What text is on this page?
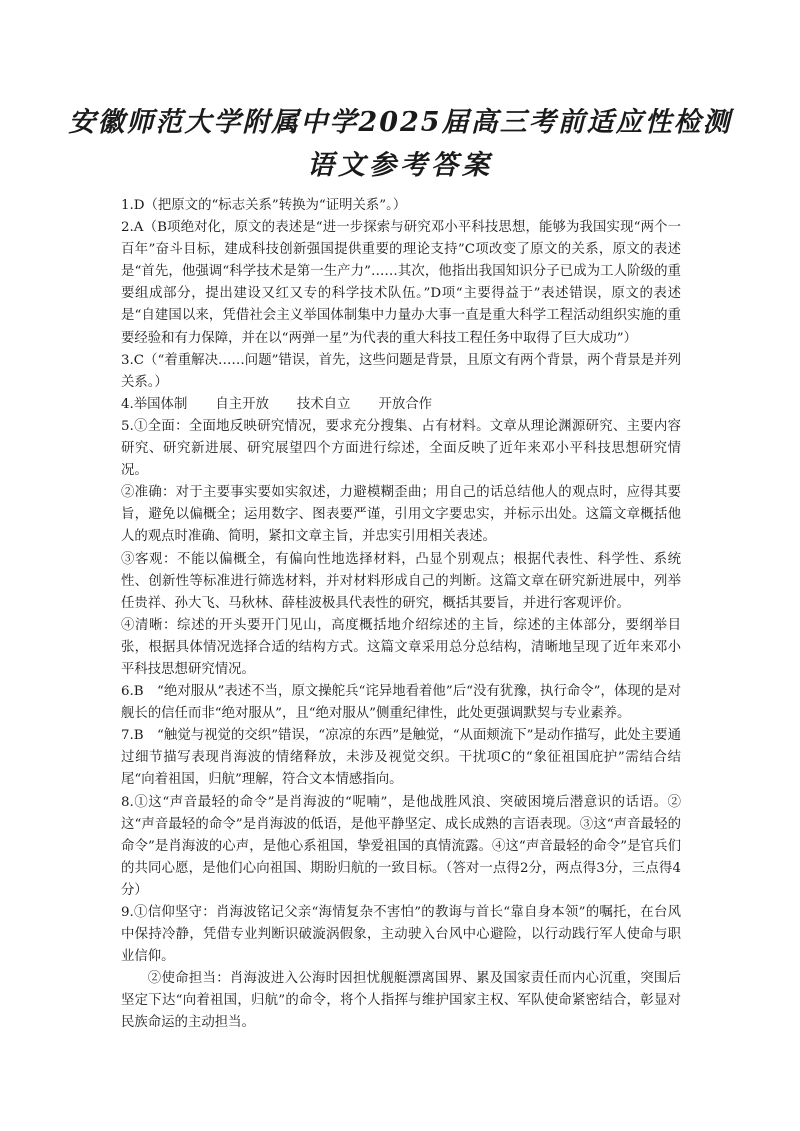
安徽师范大学附属中学2025届高三考前适应性检测
语文参考答案

1.D（把原文的“标志关系”转换为“证明关系”。）

2.A（B项绝对化，原文的表述是“进一步探索与研究邓小平科技思想，能够为我国实现“两个一百年”奋斗目标，建成科技创新强国提供重要的理论支持”C项改变了原文的关系，原文的表述是“首先，他强调“科学技术是第一生产力”……其次，他指出我国知识分子已成为工人阶级的重要组成部分，提出建设又红又专的科学技术队伍。”D项“主要得益于”表述错误，原文的表述是“自建国以来，凭借社会主义举国体制集中力量办大事一直是重大科学工程活动组织实施的重要经验和有力保障，并在以“两弹一星”为代表的重大科技工程任务中取得了巨大成功”）

3.C（“着重解决……问题”错误，首先，这些问题是背景，且原文有两个背景，两个背景是并列关系。）

4.举国体制 自主开放 技术自立 开放合作

5.①全面：全面地反映研究情况，要求充分搜集、占有材料。文章从理论渊源研究、主要内容研究、研究新进展、研究展望四个方面进行综述，全面反映了近年来邓小平科技思想研究情况。

②准确：对于主要事实要如实叙述，力避模糊歪曲；用自己的话总结他人的观点时，应得其要旨，避免以偏概全；运用数字、图表要严谨，引用文字要忠实，并标示出处。这篇文章概括他人的观点时准确、简明，紧扣文章主旨，并忠实引用相关表述。

③客观：不能以偏概全，有偏向性地选择材料，凸显个别观点；根据代表性、科学性、系统性、创新性等标准进行筛选材料，并对材料形成自己的判断。这篇文章在研究新进展中，列举任贵祥、孙大飞、马秋林、薛桂波极具代表性的研究，概括其要旨，并进行客观评价。

④清晰：综述的开头要开门见山，高度概括地介绍综述的主旨，综述的主体部分，要纲举目张，根据具体情况选择合适的结构方式。这篇文章采用总分总结构，清晰地呈现了近年来邓小平科技思想研究情况。

6.B　“绝对服从”表述不当，原文操舵兵“诧异地看着他”后“没有犹豫，执行命令”，体现的是对舰长的信任而非“绝对服从”，且“绝对服从”侧重纪律性，此处更强调默契与专业素养。

7.B　“触觉与视觉的交织”错误，“凉凉的东西”是触觉，“从面颊流下”是动作描写，此处主要通过细节描写表现肖海波的情绪释放，未涉及视觉交织。干扰项C的“象征祖国庇护”需结合结尾“向着祖国，归航”理解，符合文本情感指向。

8.①这“声音最轻的命令”是肖海波的“呢喃”，是他战胜风浪、突破困境后潜意识的话语。②这“声音最轻的命令”是肖海波的低语，是他平静坚定、成长成熟的言语表现。③这“声音最轻的命令”是肖海波的心声，是他心系祖国，挚爱祖国的真情流露。④这“声音最轻的命令”是官兵们的共同心愿，是他们心向祖国、期盼归航的一致目标。（答对一点得2分，两点得3分，三点得4分）

9.①信仰坚守：肖海波铭记父亲“海情复杂不害怕”的教诲与首长“靠自身本领”的嘱托，在台风中保持冷静，凭借专业判断识破漩涡假象，主动驶入台风中心避险，以行动践行军人使命与职业信仰。

②使命担当：肖海波进入公海时因担忧舰艇漂离国界、累及国家责任而内心沉重，突围后坚定下达“向着祖国，归航”的命令，将个人指挥与维护国家主权、军队使命紧密结合，彰显对民族命运的主动担当。
